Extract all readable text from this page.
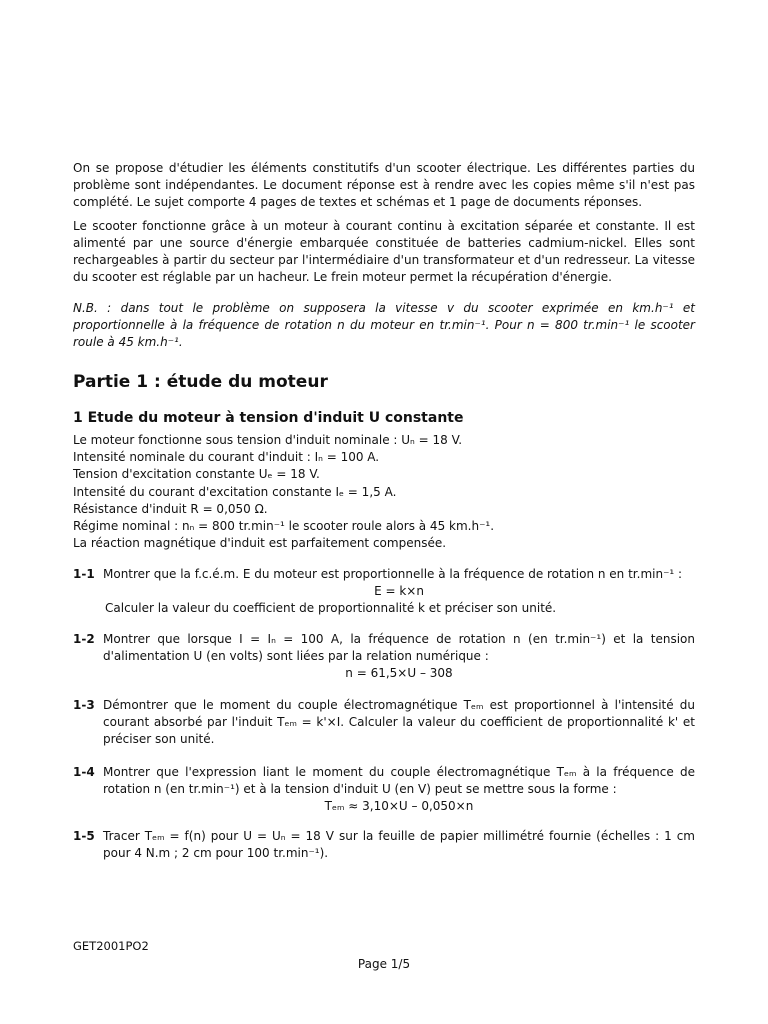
On se propose d'étudier les éléments constitutifs d'un scooter électrique. Les différentes parties du problème sont indépendantes. Le document réponse est à rendre avec les copies même s'il n'est pas complété. Le sujet comporte 4 pages de textes et schémas et 1 page de documents réponses.
Le scooter fonctionne grâce à un moteur à courant continu à excitation séparée et constante. Il est alimenté par une source d'énergie embarquée constituée de batteries cadmium-nickel. Elles sont rechargeables à partir du secteur par l'intermédiaire d'un transformateur et d'un redresseur. La vitesse du scooter est réglable par un hacheur. Le frein moteur permet la récupération d'énergie.
N.B. : dans tout le problème on supposera la vitesse v du scooter exprimée en km.h⁻¹ et proportionnelle à la fréquence de rotation n du moteur en tr.min⁻¹. Pour n = 800 tr.min⁻¹ le scooter roule à 45 km.h⁻¹.
Partie 1 : étude du moteur
1 Etude du moteur à tension d'induit U constante

Le moteur fonctionne sous tension d'induit nominale : Uₙ = 18 V.

Intensité nominale du courant d'induit : Iₙ = 100 A.

Tension d'excitation constante Uₑ = 18 V.

Intensité du courant d'excitation constante Iₑ = 1,5 A.

Résistance d'induit R = 0,050 Ω.

Régime nominal : nₙ = 800 tr.min⁻¹ le scooter roule alors à 45 km.h⁻¹.

La réaction magnétique d'induit est parfaitement compensée.

1-1 Montrer que la f.c.é.m. E du moteur est proportionnelle à la fréquence de rotation n en tr.min⁻¹ :

E = k×n

Calculer la valeur du coefficient de proportionnalité k et préciser son unité.

1-2 Montrer que lorsque I = Iₙ = 100 A, la fréquence de rotation n (en tr.min⁻¹) et la tension d'alimentation U (en volts) sont liées par la relation numérique :

n = 61,5×U – 308

1-3 Démontrer que le moment du couple électromagnétique Tₑₘ est proportionnel à l'intensité du courant absorbé par l'induit Tₑₘ = k'×I. Calculer la valeur du coefficient de proportionnalité k' et préciser son unité.

1-4 Montrer que l'expression liant le moment du couple électromagnétique Tₑₘ à la fréquence de rotation n (en tr.min⁻¹) et à la tension d'induit U (en V) peut se mettre sous la forme :

Tₑₘ ≈ 3,10×U – 0,050×n

1-5 Tracer Tₑₘ = f(n) pour U = Uₙ = 18 V sur la feuille de papier millimétré fournie (échelles : 1 cm pour 4 N.m ; 2 cm pour 100 tr.min⁻¹).

GET2001PO2
Page 1/5
